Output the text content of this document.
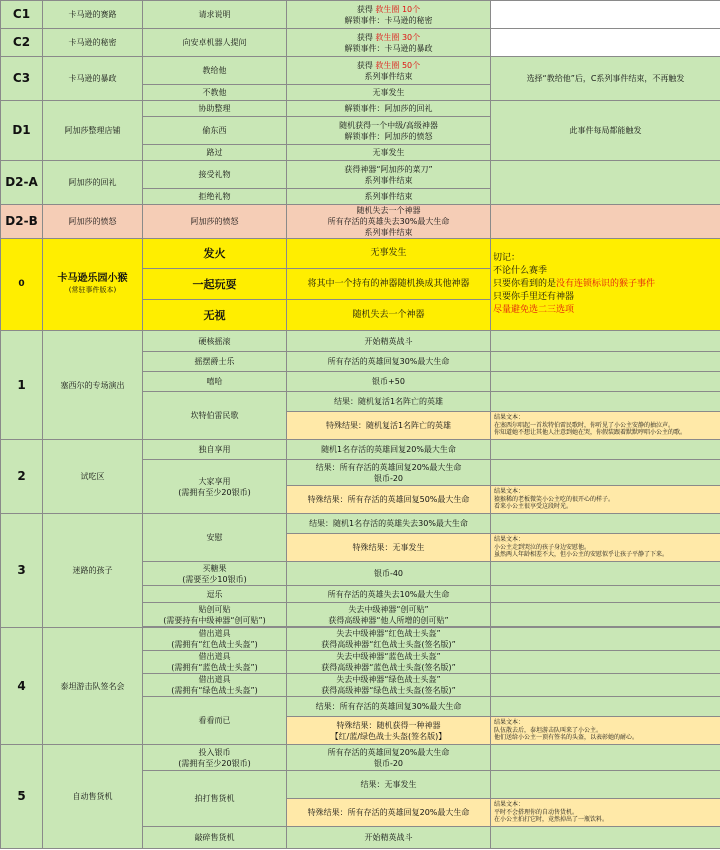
C1	卡马逊的赛路	请求说明	获得 救生圈 10个
解锁事件：卡马逊的秘密	
C2	卡马逊的秘密	向安卓机器人提问	获得 救生圈 30个
解锁事件：卡马逊的暴政	
C3	卡马逊的暴政	教给他	获得 救生圈 50个
系列事件结束	选择“教给他”后，C系列事件结束，不再触发
		不教他	无事发生	
D1	阿加莎整理店铺	协助整理	解锁事件：阿加莎的回礼	此事件每局都能触发
		偷东西	随机获得一个中级/高级神器
解锁事件：阿加莎的愤怒	
		路过	无事发生	
D2-A	阿加莎的回礼	接受礼物	获得神器“阿加莎的菜刀”
系列事件结束	
		拒绝礼物	系列事件结束	
D2-B	阿加莎的愤怒	阿加莎的愤怒	随机失去一个神器
所有存活的英雄失去30%最大生命
系列事件结束	
0	卡马逊乐园小猴
(常驻事件版本)	发火	无事发生	切记：
不论什么赛季
只要你看到的是没有连锁标识的猴子事件
只要你手里还有神器
尽量避免选二三选项
		一起玩耍	将其中一个持有的神器随机换成其他神器	
		无视	随机失去一个神器	
1	塞西尔的专场演出	硬核摇滚	开始精英战斗	
		摇摆爵士乐	所有存活的英雄回复30%最大生命	
		嘻哈	银币+50	
		坎特伯雷民歌	结果：随机复活1名阵亡的英雄	
			特殊结果：随机复活1名阵亡的英雄	结果文本：
在塞西尔唱起一首坎特伯雷民歌时，你听见了小公主安静的抽泣声。
你知道她不想让其他人注意到她在哭，你假装跟着默默哼唱小公主的歌。
2	试吃区	独自享用	随机1名存活的英雄回复20%最大生命	
		大家享用
(需拥有至少20银币)	结果：所有存活的英雄回复20%最大生命
银币-20	
			特殊结果：所有存活的英雄回复50%最大生命	结果文本：
猿猴稀的老板微笑小公主吃的很开心的样子。
看来小公主很享受这段时光。
3	迷路的孩子	安慰	结果：随机1名存活的英雄失去30%最大生命	
			特殊结果：无事发生	结果文本：
小公主走到哭泣的孩子身边安慰他。
虽然两人年龄相差不大，但小公主的安慰似乎让孩子平静了下来。
		买糖果
(需要至少10银币)	银币-40	
		逗乐	所有存活的英雄失去10%最大生命	
		贴创可贴
(需要持有中级神器“创可贴”)	失去中级神器“创可贴”
获得高级神器“他人所增的创可贴”	

4	泰坦游击队签名会	借出道具
(需拥有“红色战士头盔”)	失去中级神器“红色战士头盔”
获得高级神器“红色战士头盔(签名版)”	
		借出道具
(需拥有“蓝色战士头盔”)	失去中级神器“蓝色战士头盔”
获得高级神器“蓝色战士头盔(签名版)”	
		借出道具
(需拥有“绿色战士头盔”)	失去中级神器“绿色战士头盔”
获得高级神器“绿色战士头盔(签名版)”	
		看看而已	结果：所有存活的英雄回复30%最大生命	
			特殊结果：随机获得一种神器
【红/蓝/绿色战士头盔(签名版)】	结果文本：
队伍散去后，泰坦游击队叫来了小公主。
他们送给小公主一顶有签名的头盔，以表彰她的耐心。
5	自动售货机	投入银币
(需拥有至少20银币)	所有存活的英雄回复20%最大生命
银币-20	
		拍打售货机	结果：无事发生	
			特殊结果：所有存活的英雄回复20%最大生命	结果文本：
平时不会搭理你的自动售货机。
在小公主拍打它时，竟然掉出了一瓶饮料。
		敲碎售货机	开始精英战斗	
